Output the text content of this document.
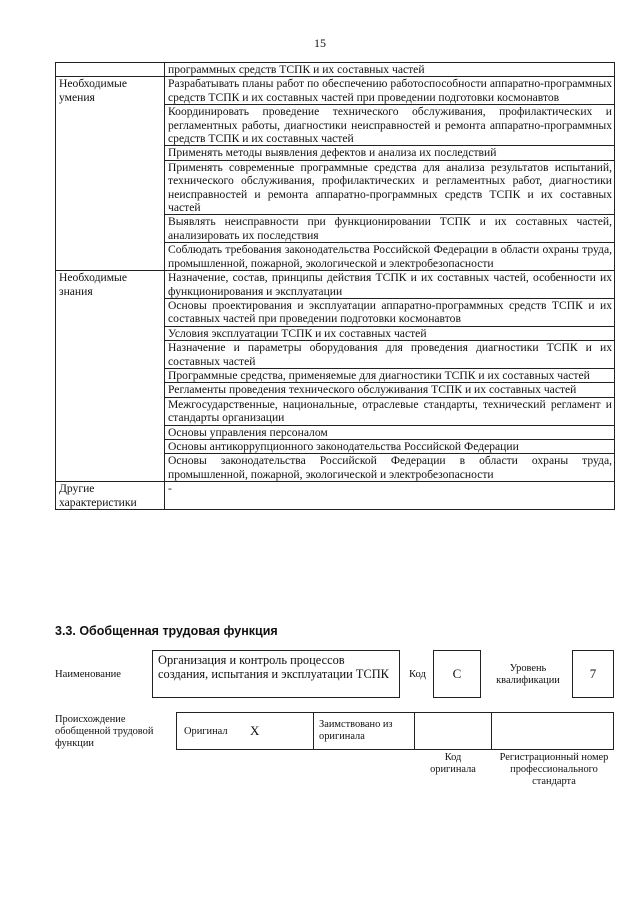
15
	программных средств ТСПК и их составных частей
Необходимые умения	Разрабатывать планы работ по обеспечению работоспособности аппаратно-программных средств ТСПК и их составных частей при проведении подготовки космонавтов
	Координировать проведение технического обслуживания, профилактических и регламентных работы, диагностики неисправностей и ремонта аппаратно-программных средств ТСПК и их составных частей
	Применять методы выявления дефектов и анализа их последствий
	Применять современные программные средства для анализа результатов испытаний, технического обслуживания, профилактических и регламентных работ, диагностики неисправностей и ремонта аппаратно-программных средств ТСПК и их составных частей
	Выявлять неисправности при функционировании ТСПК и их составных частей, анализировать их последствия
	Соблюдать требования законодательства Российской Федерации в области охраны труда, промышленной, пожарной, экологической и электробезопасности
Необходимые знания	Назначение, состав, принципы действия ТСПК и их составных частей, особенности их функционирования и эксплуатации
	Основы проектирования и эксплуатации аппаратно-программных средств ТСПК и их составных частей при проведении подготовки космонавтов
	Условия эксплуатации ТСПК и их составных частей
	Назначение и параметры оборудования для проведения диагностики ТСПК и их составных частей
	Программные средства, применяемые для диагностики ТСПК и их составных частей
	Регламенты проведения технического обслуживания ТСПК и их составных частей
	Межгосударственные, национальные, отраслевые стандарты, технический регламент и стандарты организации
	Основы управления персоналом
	Основы антикоррупционного законодательства Российской Федерации
	Основы законодательства Российской Федерации в области охраны труда, промышленной, пожарной, экологической и электробезопасности
Другие характеристики	-
3.3. Обобщенная трудовая функция
Наименование
Организация и контроль процессов создания, испытания и эксплуатации ТСПК	Код	C	Уровень квалификации	7
Происхождение обобщенной трудовой функции
Оригинал X	Заимствовано из оригинала
Код оригинала
Регистрационный номер профессионального стандарта
